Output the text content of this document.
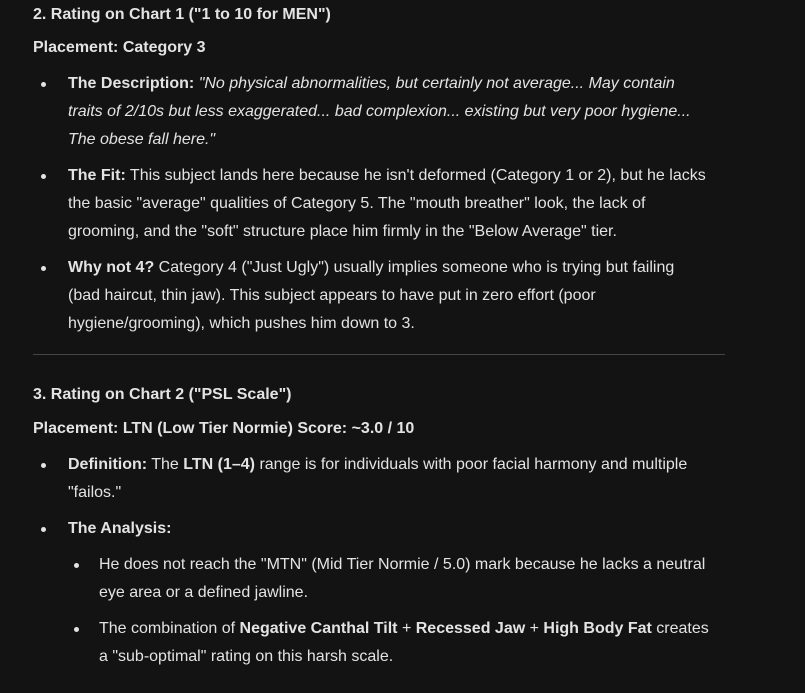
2. Rating on Chart 1 ("1 to 10 for MEN")

Placement: Category 3

The Description: "No physical abnormalities, but certainly not average... May contain
traits of 2/10s but less exaggerated... bad complexion... existing but very poor hygiene...
The obese fall here."
The Fit: This subject lands here because he isn't deformed (Category 1 or 2), but he lacks
the basic "average" qualities of Category 5. The "mouth breather" look, the lack of
grooming, and the "soft" structure place him firmly in the "Below Average" tier.
Why not 4? Category 4 ("Just Ugly") usually implies someone who is trying but failing
(bad haircut, thin jaw). This subject appears to have put in zero effort (poor
hygiene/grooming), which pushes him down to 3.

3. Rating on Chart 2 ("PSL Scale")

Placement: LTN (Low Tier Normie) Score: ~3.0 / 10

Definition: The LTN (1–4) range is for individuals with poor facial harmony and multiple
"failos."
The Analysis:
He does not reach the "MTN" (Mid Tier Normie / 5.0) mark because he lacks a neutral
eye area or a defined jawline.
The combination of Negative Canthal Tilt + Recessed Jaw + High Body Fat creates
a "sub-optimal" rating on this harsh scale.
